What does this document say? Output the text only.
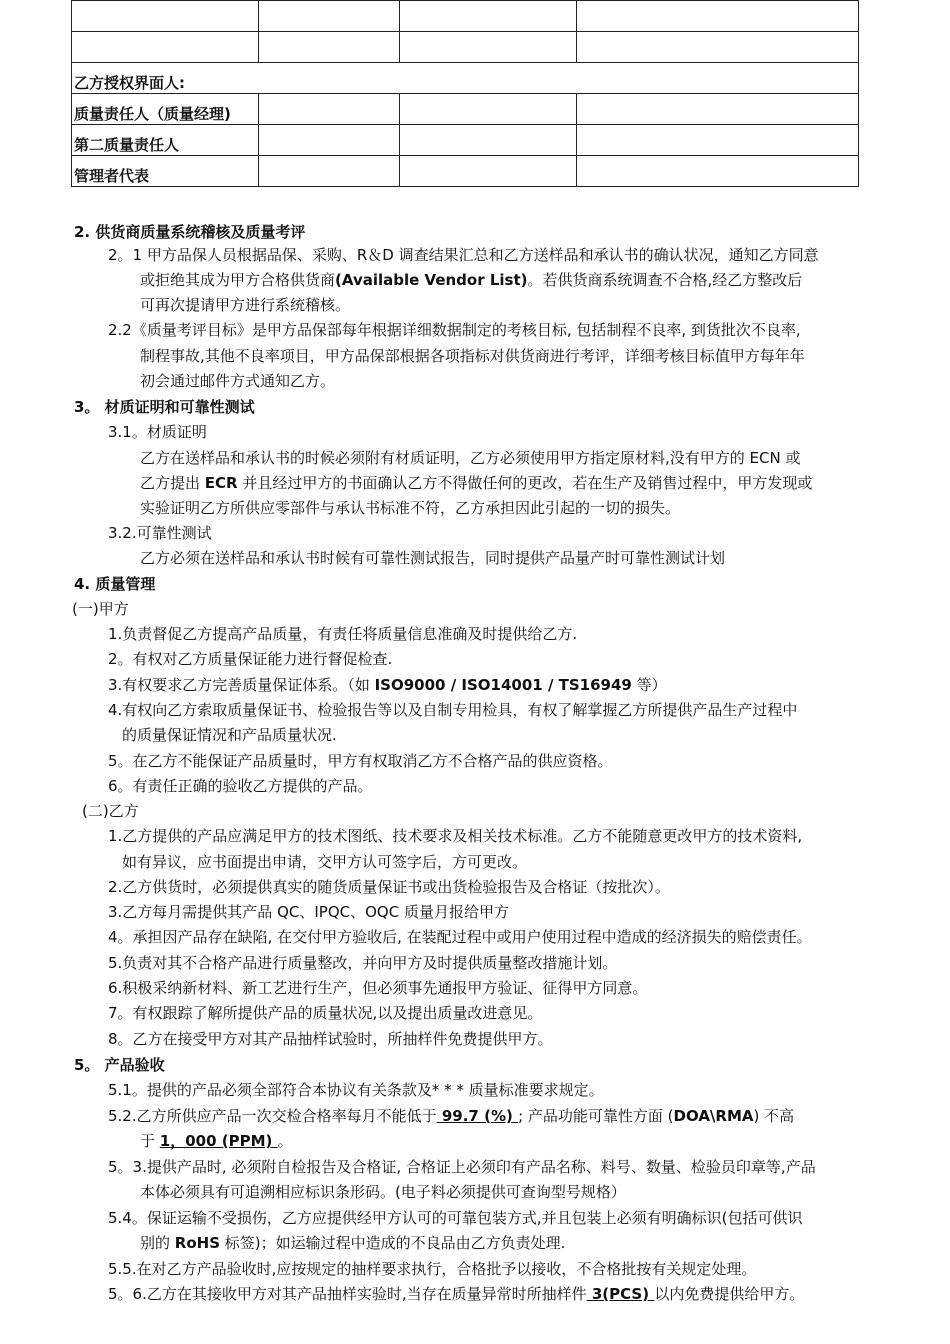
乙方授权界面人:			
质量责任人（质量经理)			
第二质量责任人			
管理者代表			
2. 供货商质量系统稽核及质量考评
2。1 甲方品保人员根据品保、采购、R＆D 调查结果汇总和乙方送样品和承认书的确认状况，通知乙方同意
或拒绝其成为甲方合格供货商(Available Vendor List)。若供货商系统调查不合格,经乙方整改后
可再次提请甲方进行系统稽核。
2.2《质量考评目标》是甲方品保部每年根据详细数据制定的考核目标, 包括制程不良率, 到货批次不良率,
制程事故,其他不良率项目，甲方品保部根据各项指标对供货商进行考评，详细考核目标值甲方每年年
初会通过邮件方式通知乙方。
3。 材质证明和可靠性测试
3.1。材质证明
乙方在送样品和承认书的时候必须附有材质证明，乙方必须使用甲方指定原材料,没有甲方的 ECN 或
乙方提出 ECR 并且经过甲方的书面确认乙方不得做任何的更改，若在生产及销售过程中，甲方发现或
实验证明乙方所供应零部件与承认书标准不符，乙方承担因此引起的一切的损失。
3.2.可靠性测试
乙方必须在送样品和承认书时候有可靠性测试报告，同时提供产品量产时可靠性测试计划
4. 质量管理
(一)甲方
1.负责督促乙方提高产品质量，有责任将质量信息准确及时提供给乙方.
2。有权对乙方质量保证能力进行督促检查.
3.有权要求乙方完善质量保证体系。（如 ISO9000 / ISO14001 / TS16949 等）
4.有权向乙方索取质量保证书、检验报告等以及自制专用检具，有权了解掌握乙方所提供产品生产过程中
的质量保证情况和产品质量状况.
5。在乙方不能保证产品质量时，甲方有权取消乙方不合格产品的供应资格。
6。有责任正确的验收乙方提供的产品。
(二)乙方
1.乙方提供的产品应满足甲方的技术图纸、技术要求及相关技术标准。乙方不能随意更改甲方的技术资料,
如有异议，应书面提出申请，交甲方认可签字后，方可更改。
2.乙方供货时，必须提供真实的随货质量保证书或出货检验报告及合格证（按批次）。
3.乙方每月需提供其产品 QC、IPQC、OQC 质量月报给甲方
4。承担因产品存在缺陷, 在交付甲方验收后, 在装配过程中或用户使用过程中造成的经济损失的赔偿责任。
5.负责对其不合格产品进行质量整改，并向甲方及时提供质量整改措施计划。
6.积极采纳新材料、新工艺进行生产，但必须事先通报甲方验证、征得甲方同意。
7。有权跟踪了解所提供产品的质量状况,以及提出质量改进意见。
8。乙方在接受甲方对其产品抽样试验时，所抽样件免费提供甲方。
5。 产品验收
5.1。提供的产品必须全部符合本协议有关条款及* * * 质量标准要求规定。
5.2.乙方所供应产品一次交检合格率每月不能低于 99.7 (%) ; 产品功能可靠性方面 (DOA\RMA) 不高
于 1，000 (PPM) 。
5。3.提供产品时, 必须附自检报告及合格证, 合格证上必须印有产品名称、料号、数量、检验员印章等,产品
本体必须具有可追溯相应标识条形码。(电子料必须提供可查询型号规格）
5.4。保证运输不受损伤，乙方应提供经甲方认可的可靠包装方式,并且包装上必须有明确标识(包括可供识
别的 RoHS 标签)；如运输过程中造成的不良品由乙方负责处理.
5.5.在对乙方产品验收时,应按规定的抽样要求执行，合格批予以接收，不合格批按有关规定处理。
5。6.乙方在其接收甲方对其产品抽样实验时,当存在质量异常时所抽样件 3(PCS) 以内免费提供给甲方。
